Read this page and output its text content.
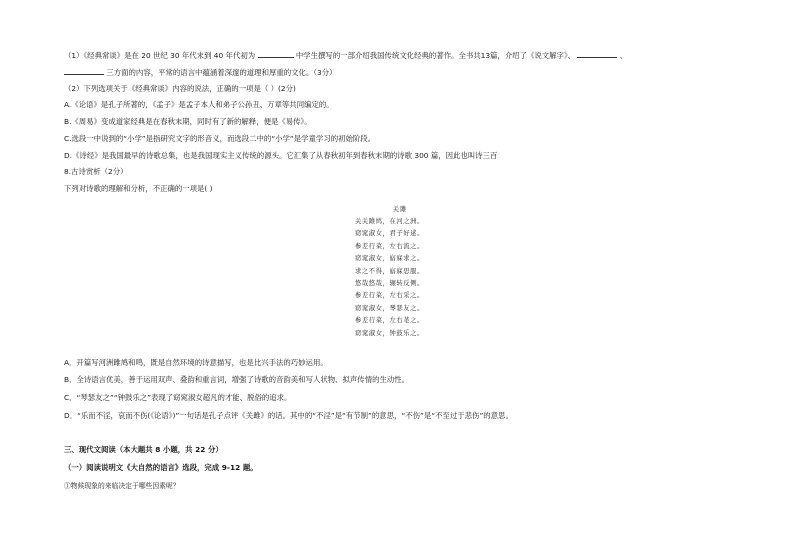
（1）《经典常谈》是在 20 世纪 30 年代末到 40 年代初为	中学生撰写的一部介绍我国传统文化经典的著作。全书共13篇，介绍了《说文解字》、	、
三方面的内容，平常的语言中蕴涵着深邃的道理和厚重的文化。（3分）
（2）下列选项关于《经典常谈》内容的说法，正确的一项是（ ）(2分)
A.《论语》是孔子所著的，《孟子》是孟子本人和弟子公孙丑、万章等共同编定的。
B.《周易》变成道家经典是在春秋末期，同时有了新的解释，便是《易传》。
C.选段一中说到的“小学”是指研究文字的形音义，而选段二中的“小学”是学童学习的初始阶段。
D.《诗经》是我国最早的诗歌总集，也是我国现实主义传统的源头。它汇集了从春秋初年到春秋末期的诗歌 300 篇，因此也叫诗三百
8.古诗赏析（2分）
下列对诗歌的理解和分析，不正确的一项是( )
关雎
关关雎鸠，在河之洲。
窈窕淑女，君子好逑。
参差荇菜，左右流之。
窈窕淑女，寤寐求之。
求之不得，寤寐思服。
悠哉悠哉，辗转反侧。
参差荇菜，左右采之。
窈窕淑女，琴瑟友之。
参差荇菜，左右芼之。
窈窕淑女，钟鼓乐之。
A．开篇写河洲雎鸠和鸣，既是自然环境的诗意描写，也是比兴手法的巧妙运用。
B．全诗语言优美，善于运用双声、叠韵和重言词，增强了诗歌的音韵美和写人状物、拟声传情的生动性。
C．“琴瑟友之”“钟鼓乐之”表现了窈窕淑女超凡的才能、脱俗的追求。
D．“乐而不淫，哀而不伤(《论语》)”一句话是孔子点评《关雎》的话。其中的“不淫”是“有节制”的意思，“不伤”是“不至过于悲伤”的意思。
三、现代文阅读（本大题共 8 小题，共 22 分）
（一）阅读说明文《大自然的语言》选段，完成 9-12 题。
①物候现象的来临决定于哪些因素呢？
